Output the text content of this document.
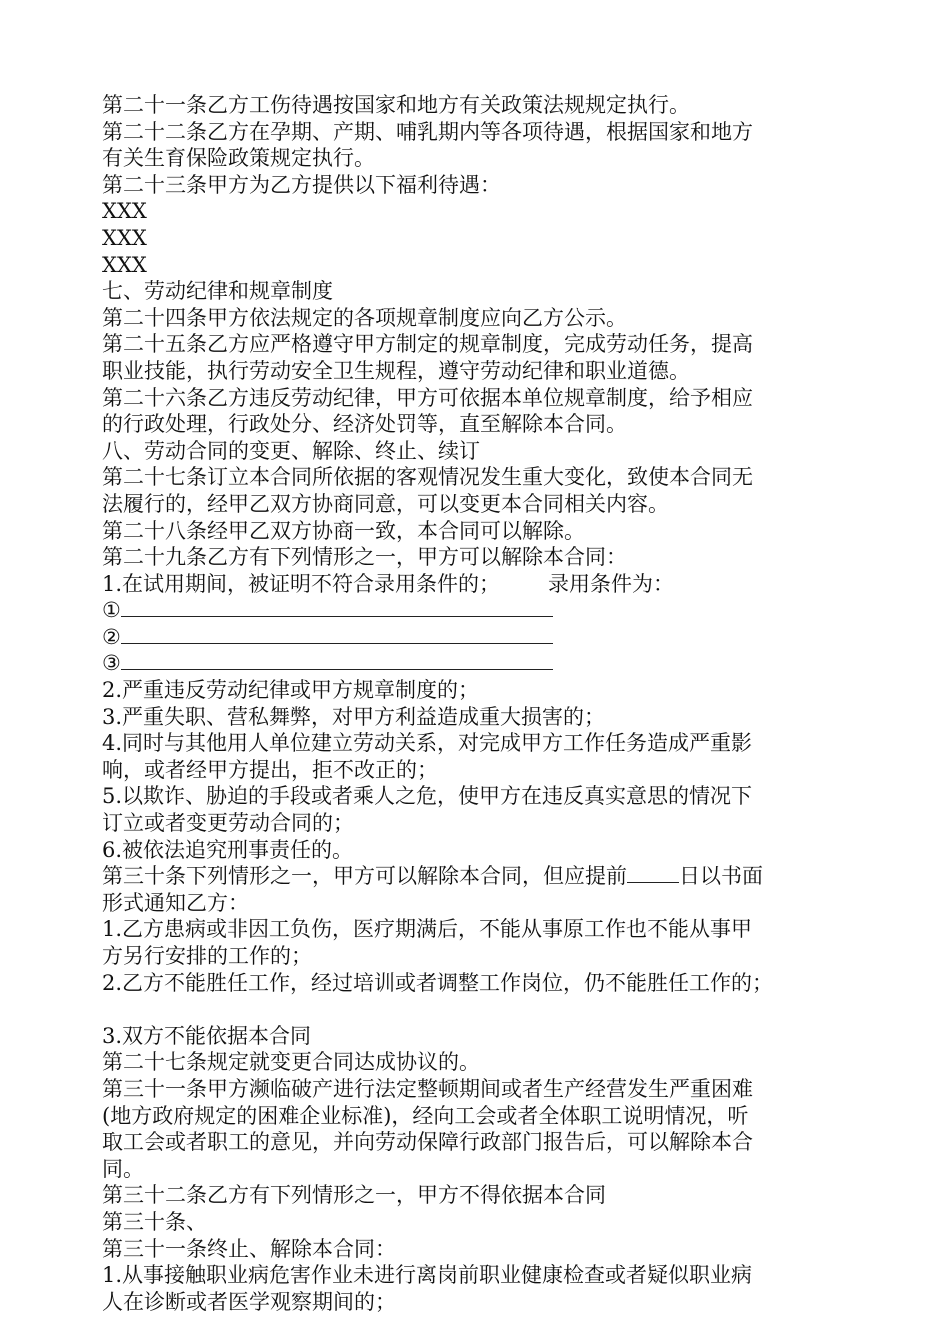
第二十一条乙方工伤待遇按国家和地方有关政策法规规定执行。
第二十二条乙方在孕期、产期、哺乳期内等各项待遇，根据国家和地方
有关生育保险政策规定执行。
第二十三条甲方为乙方提供以下福利待遇：
XXX
XXX
XXX
七、劳动纪律和规章制度
第二十四条甲方依法规定的各项规章制度应向乙方公示。
第二十五条乙方应严格遵守甲方制定的规章制度，完成劳动任务，提高
职业技能，执行劳动安全卫生规程，遵守劳动纪律和职业道德。
第二十六条乙方违反劳动纪律，甲方可依据本单位规章制度，给予相应
的行政处理，行政处分、经济处罚等，直至解除本合同。
八、劳动合同的变更、解除、终止、续订
第二十七条订立本合同所依据的客观情况发生重大变化，致使本合同无
法履行的，经甲乙双方协商同意，可以变更本合同相关内容。
第二十八条经甲乙双方协商一致，本合同可以解除。
第二十九条乙方有下列情形之一，甲方可以解除本合同：
1.在试用期间，被证明不符合录用条件的； 录用条件为：
①
②
③
2.严重违反劳动纪律或甲方规章制度的；
3.严重失职、营私舞弊，对甲方利益造成重大损害的；
4.同时与其他用人单位建立劳动关系，对完成甲方工作任务造成严重影
响，或者经甲方提出，拒不改正的；
5.以欺诈、胁迫的手段或者乘人之危，使甲方在违反真实意思的情况下
订立或者变更劳动合同的；
6.被依法追究刑事责任的。
第三十条下列情形之一，甲方可以解除本合同，但应提前 日以书面
形式通知乙方：
1.乙方患病或非因工负伤，医疗期满后，不能从事原工作也不能从事甲
方另行安排的工作的；
2.乙方不能胜任工作，经过培训或者调整工作岗位，仍不能胜任工作的；
3.双方不能依据本合同
第二十七条规定就变更合同达成协议的。
第三十一条甲方濒临破产进行法定整顿期间或者生产经营发生严重困难
(地方政府规定的困难企业标准)，经向工会或者全体职工说明情况，听
取工会或者职工的意见，并向劳动保障行政部门报告后，可以解除本合
同。
第三十二条乙方有下列情形之一，甲方不得依据本合同
第三十条、
第三十一条终止、解除本合同：
1.从事接触职业病危害作业未进行离岗前职业健康检查或者疑似职业病
人在诊断或者医学观察期间的；
